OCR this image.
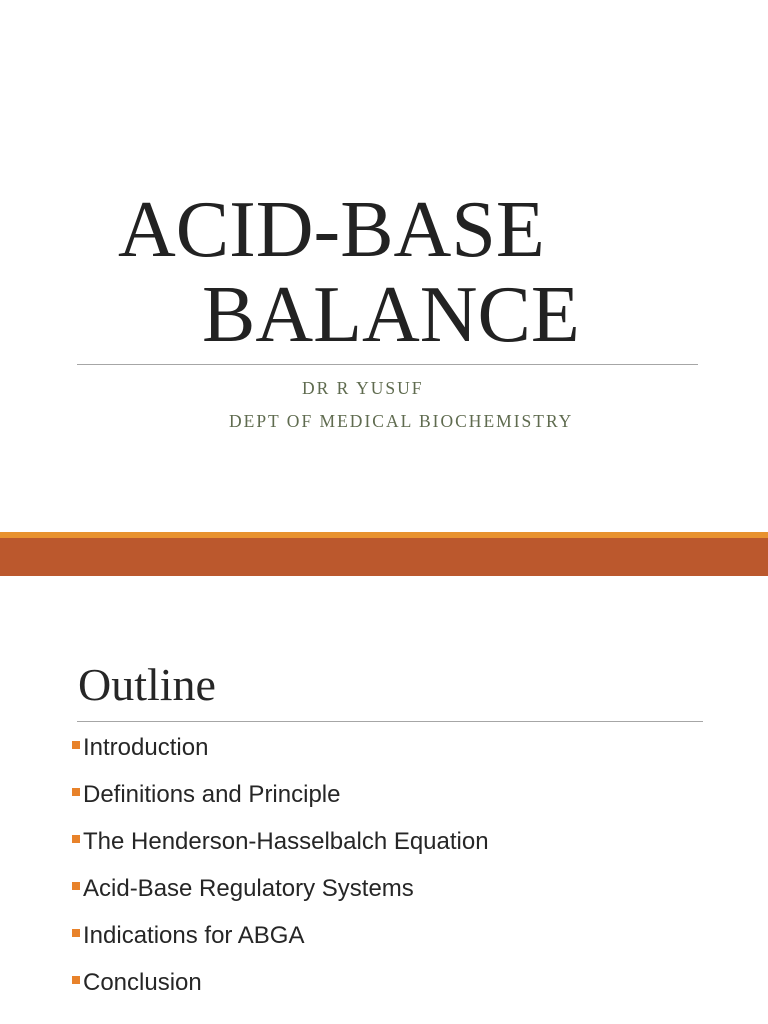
ACID-BASE
BALANCE
DR R YUSUF
DEPT OF MEDICAL BIOCHEMISTRY
Outline
Introduction
Definitions and Principle
The Henderson-Hasselbalch Equation
Acid-Base Regulatory Systems
Indications for ABGA
Conclusion
